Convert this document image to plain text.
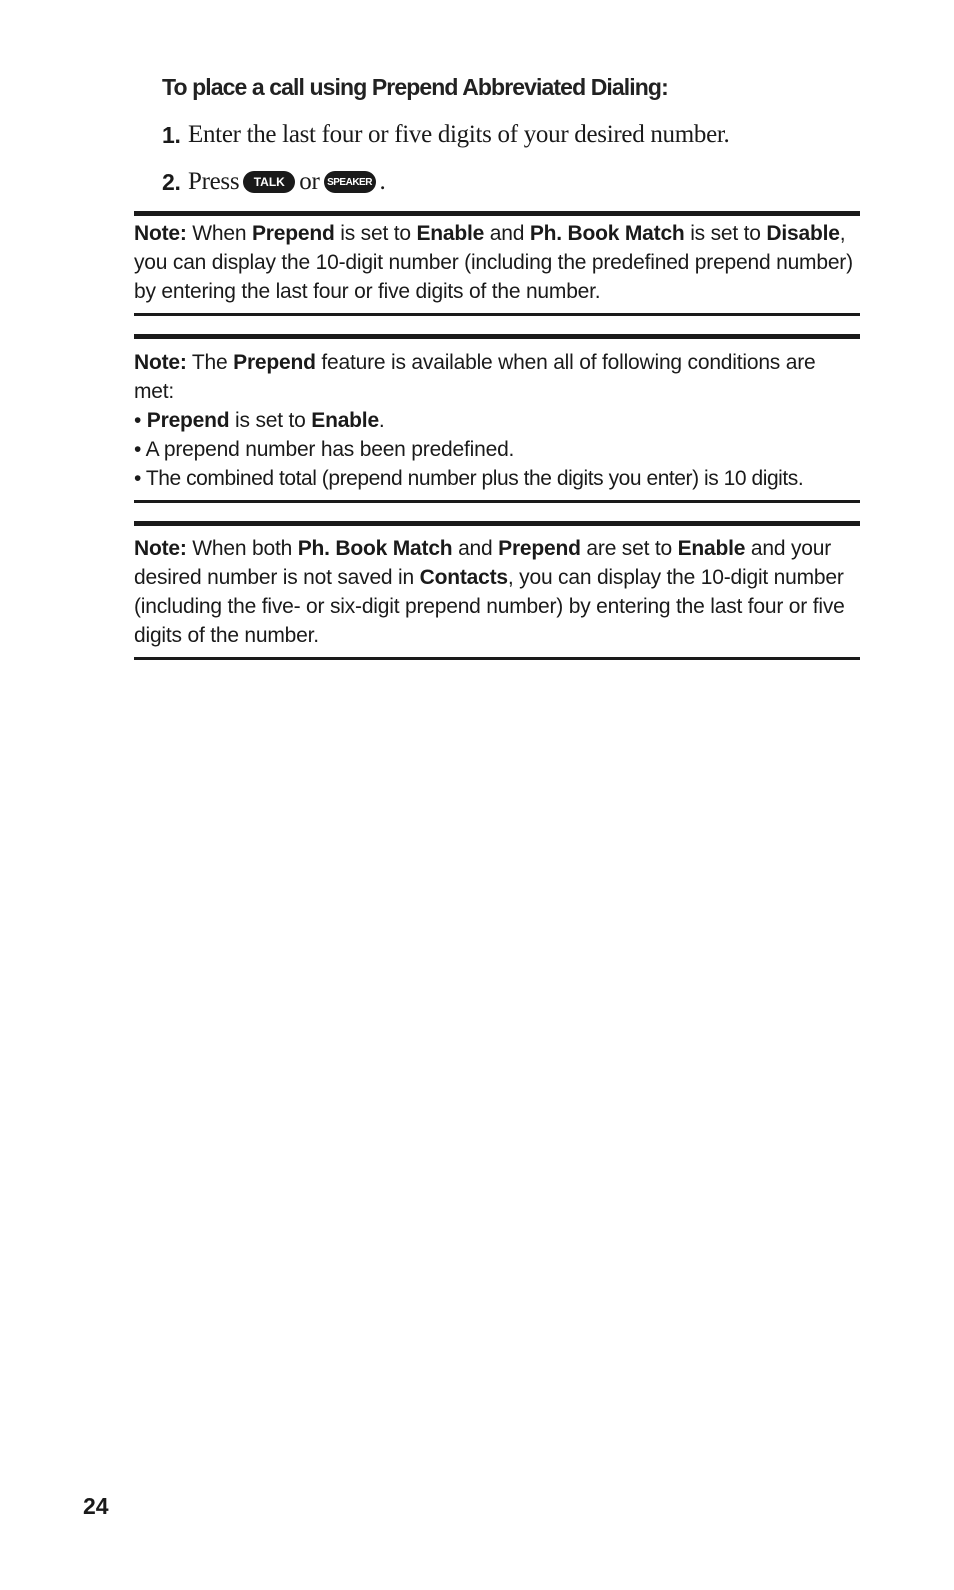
To place a call using Prepend Abbreviated Dialing:
1. Enter the last four or five digits of your desired number.
2. Press	TALK or SPEAKER .
Note: When Prepend is set to Enable and Ph. Book Match is set to Disable, you can display the 10-digit number (including the predefined prepend number) by entering the last four or five digits of the number.
Note: The Prepend feature is available when all of following conditions are met:
• Prepend is set to Enable.
• A prepend number has been predefined.
• The combined total (prepend number plus the digits you enter) is 10 digits.
Note: When both Ph. Book Match and Prepend are set to Enable and your desired number is not saved in Contacts, you can display the 10-digit number (including the five- or six-digit prepend number) by entering the last four or five digits of the number.
24
